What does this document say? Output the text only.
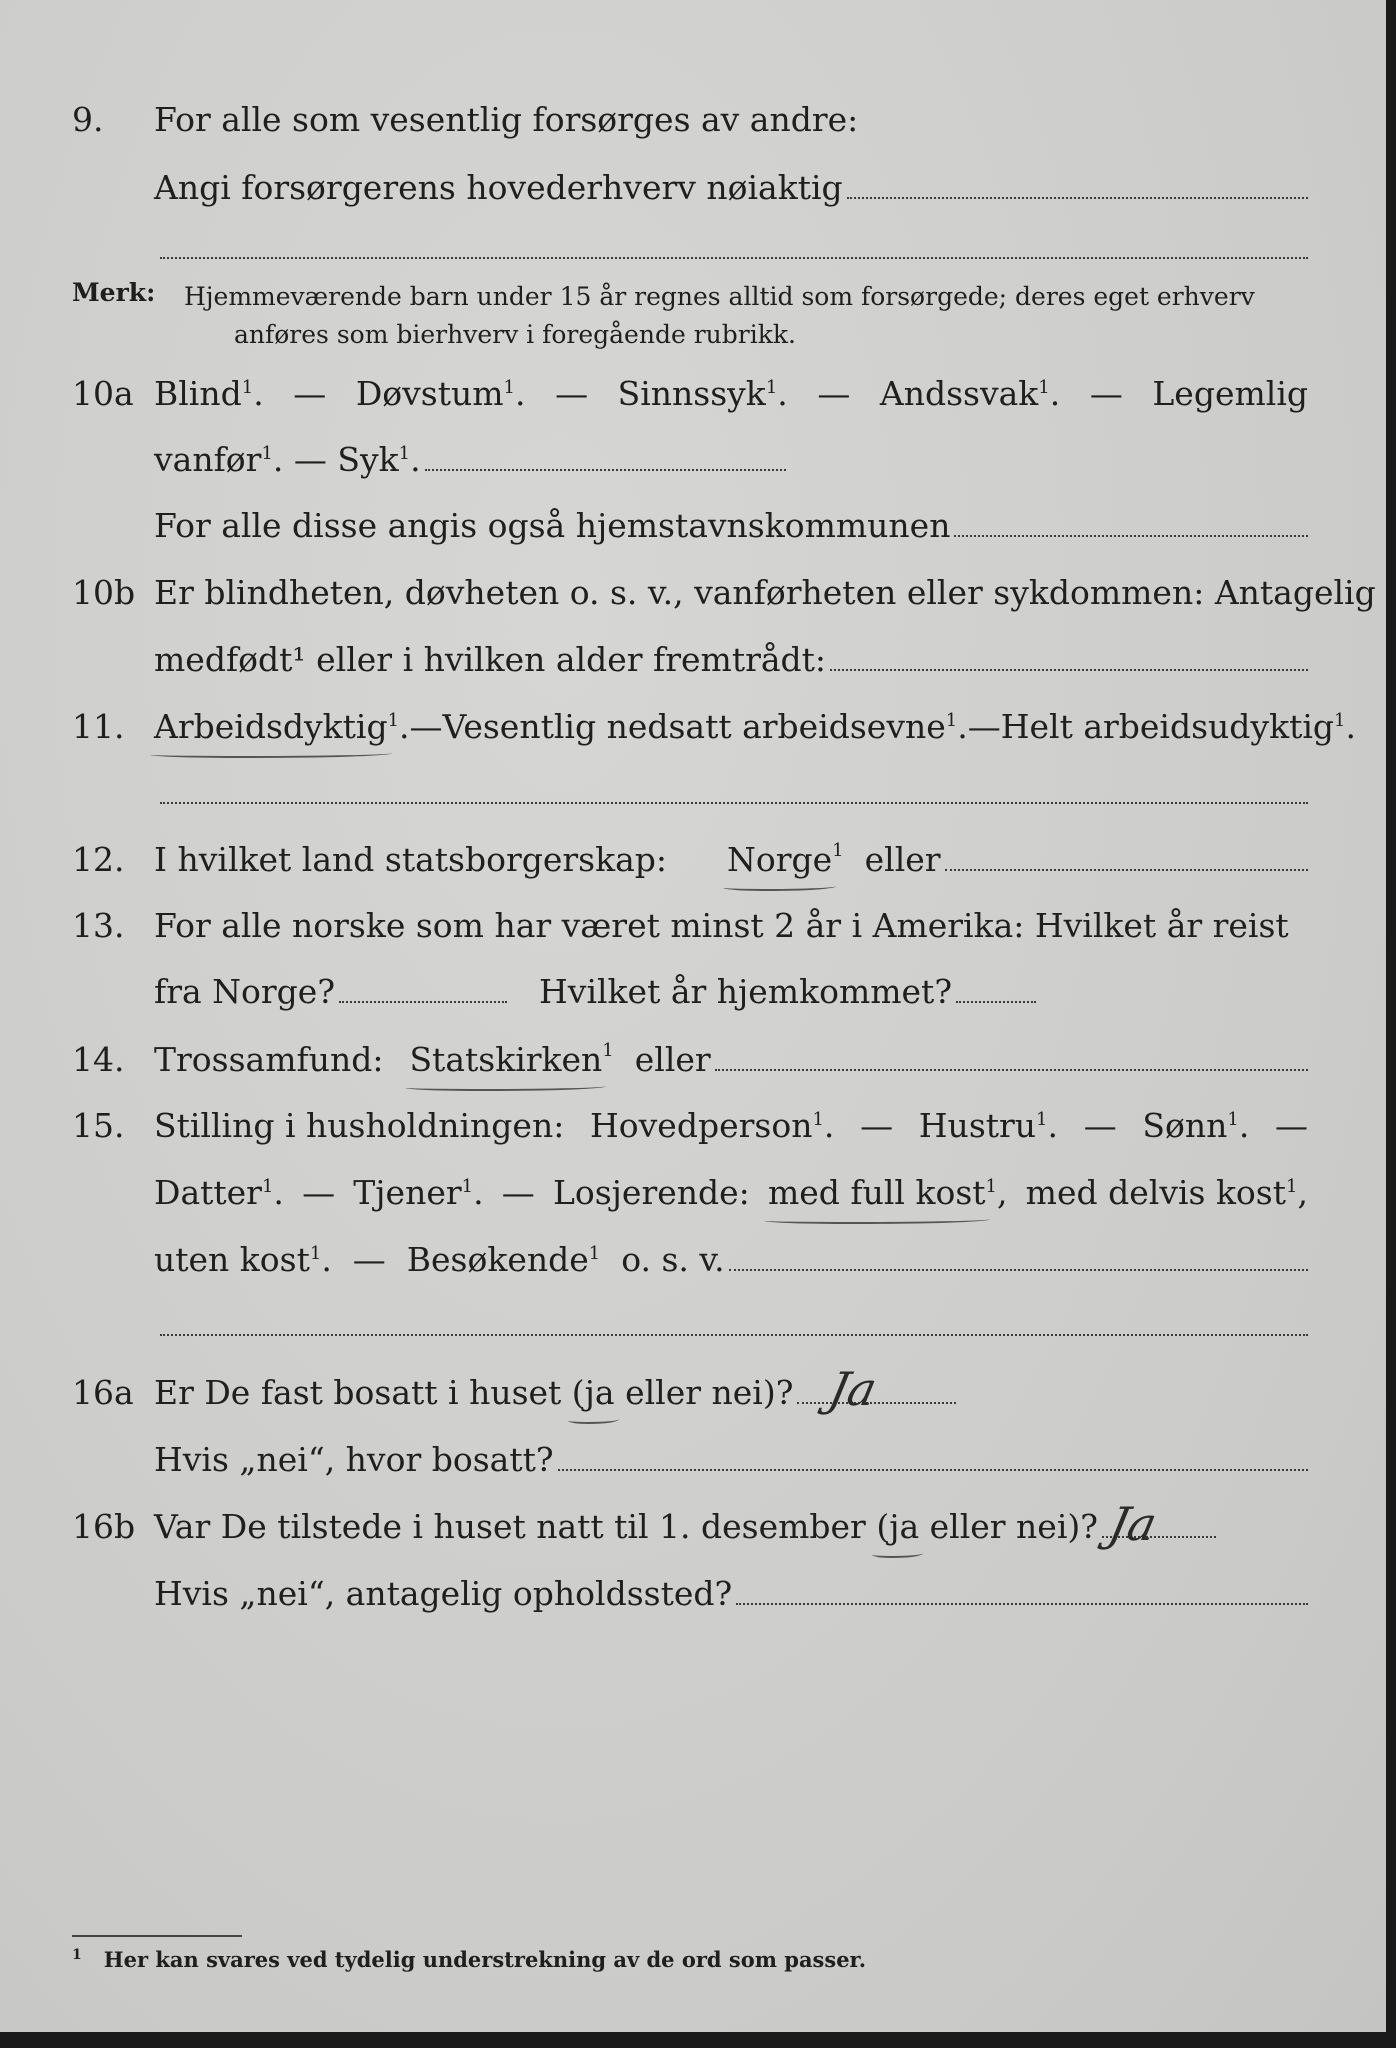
9.	For alle som vesentlig forsørges av andre:
Angi forsørgerens hovederhverv nøiaktig
Merk: Hjemmeværende barn under 15 år regnes alltid som forsørgede; deres eget erhverv
anføres som bierhverv i foregående rubrikk.
10a Blind$^1$. — Døvstum$^1$. — Sinnssyk$^1$. — Andssvak$^1$. — Legemlig
vanfør$^1$. — Syk$^1$.
For alle disse angis også hjemstavnskommunen
10b Er blindheten, døvheten o. s. v., vanførheten eller sykdommen: Antagelig
medfødt¹ eller i hvilken alder fremtrådt:
11. Arbeidsdyktig$^1$. — Vesentlig nedsatt arbeidsevne$^1$. — Helt arbeidsudyktig$^1$.
12. I hvilket land statsborgerskap:	Norge 1
eller
13. For alle norske som har været minst 2 år i Amerika: Hvilket år reist
fra Norge?	Hvilket år hjemkommet?
14. Trossamfund: Statskirken 1
eller
15. Stilling i husholdningen: Hovedperson$^1$. — Hustru$^1$. — Sønn$^1$. —
Datter$^1$. — Tjener$^1$. — Losjerende: med full kost$^1$, med delvis kost$^1$,
uten kost$^1$.  — Besøkende$^1$ o. s. v.
16a Er De fast bosatt i huset
(ja
eller nei)? Ja
Hvis „nei“, hvor bosatt?
16b Var De tilstede i huset natt til 1. desember
(ja
eller nei)? Ja
Hvis „nei“, antagelig opholdssted?
$^1$ Her kan svares ved tydelig understrekning av de ord som passer.
